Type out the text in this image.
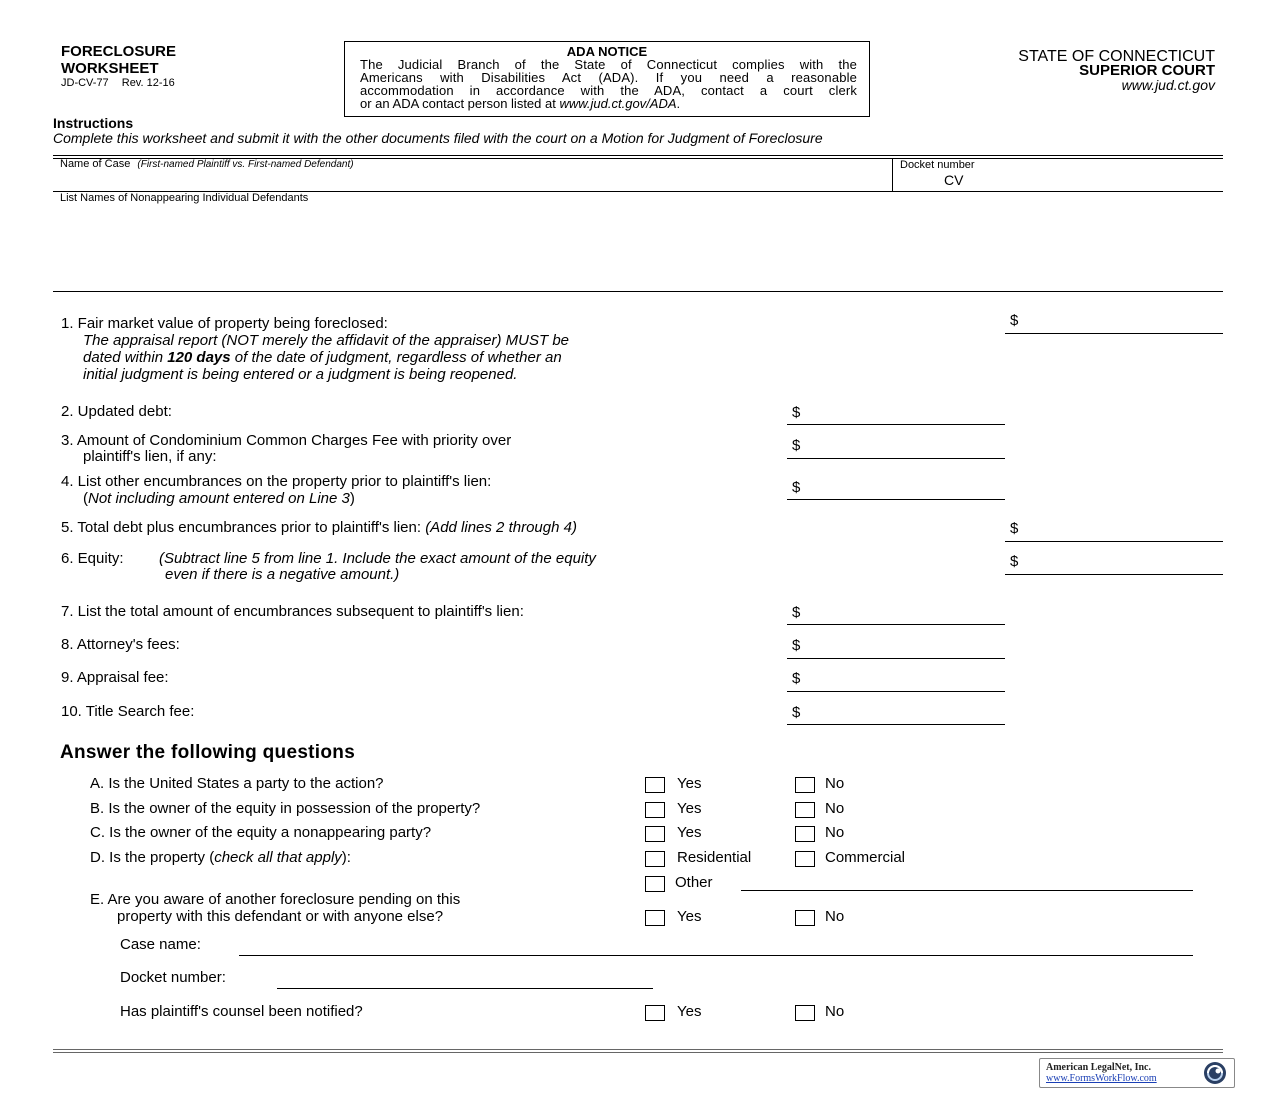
FORECLOSURE
WORKSHEET
JD-CV-77 Rev. 12-16
ADA NOTICE
The Judicial Branch of the State of Connecticut complies with the
Americans with Disabilities Act (ADA). If you need a reasonable
accommodation in accordance with the ADA, contact a court clerk
or an ADA contact person listed at www.jud.ct.gov/ADA.
STATE OF CONNECTICUT
SUPERIOR COURT
www.jud.ct.gov
Instructions
Complete this worksheet and submit it with the other documents filed with the court on a Motion for Judgment of Foreclosure
Name of Case (First-named Plaintiff vs. First-named Defendant)	Docket number
CV
List Names of Nonappearing Individual Defendants
1. Fair market value of property being foreclosed:
The appraisal report (NOT merely the affidavit of the appraiser) MUST be
dated within 120 days of the date of judgment, regardless of whether an
initial judgment is being entered or a judgment is being reopened.
$
2. Updated debt:	$
3. Amount of Condominium Common Charges Fee with priority over
plaintiff's lien, if any:
$
4. List other encumbrances on the property prior to plaintiff's lien:
(Not including amount entered on Line 3)
$
5. Total debt plus encumbrances prior to plaintiff's lien: (Add lines 2 through 4)	$
6. Equity: (Subtract line 5 from line 1. Include the exact amount of the equity
even if there is a negative amount.)
$
7. List the total amount of encumbrances subsequent to plaintiff's lien:	$
8. Attorney's fees:	$
9. Appraisal fee:	$
10. Title Search fee:	$
Answer the following questions
A. Is the United States a party to the action?	Yes	No
B. Is the owner of the equity in possession of the property?	Yes	No
C. Is the owner of the equity a nonappearing party?	Yes	No
D. Is the property (check all that apply):	Residential	Commercial
Other
E. Are you aware of another foreclosure pending on this
property with this defendant or with anyone else?	Yes	No
Case name:
Docket number:
Has plaintiff's counsel been notified?	Yes	No
American LegalNet, Inc.
www.FormsWorkFlow.com
